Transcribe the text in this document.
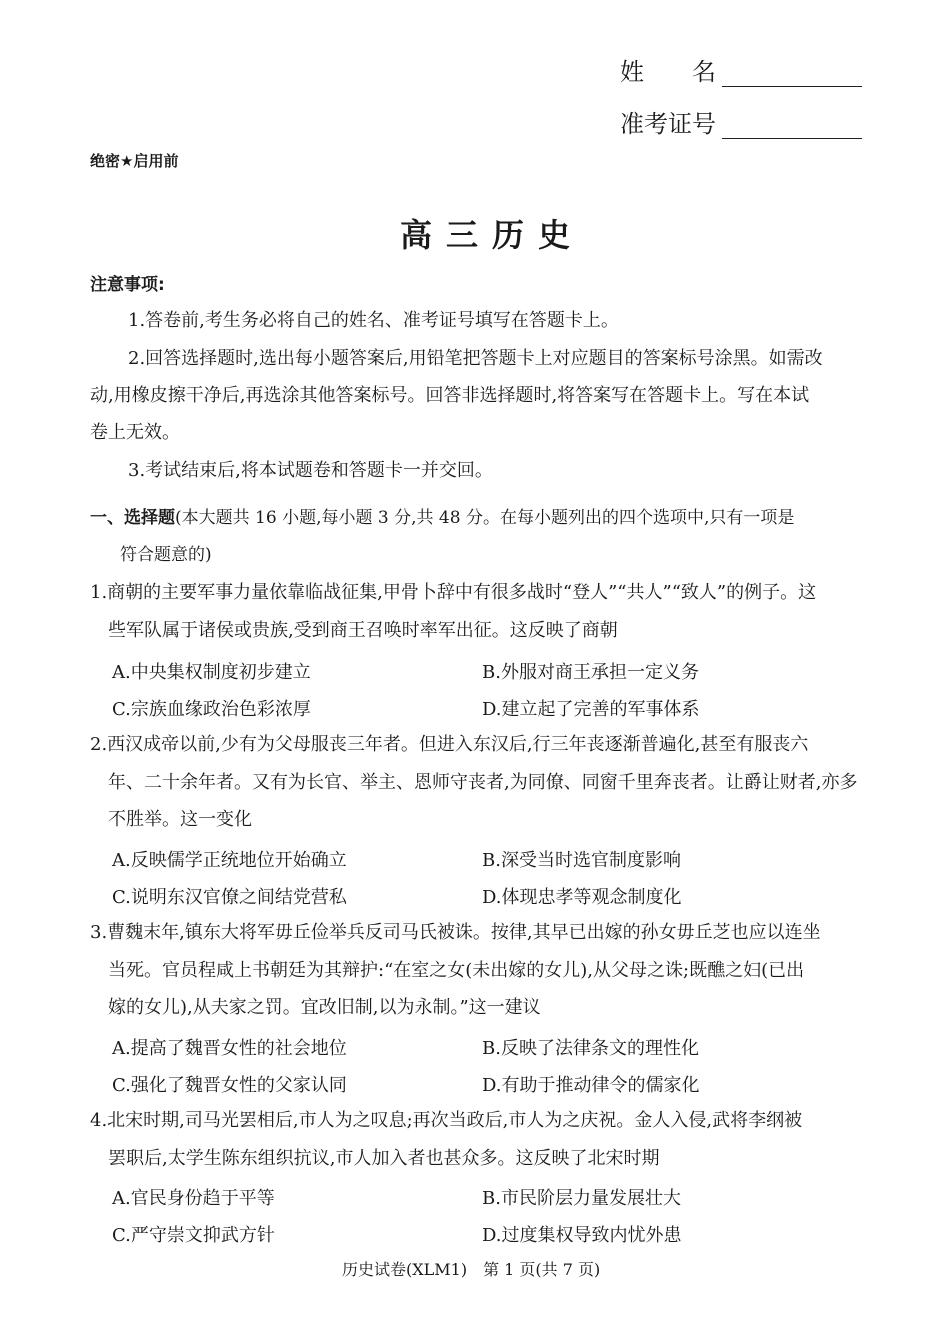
姓　　名
准考证号
绝密★启用前
高三历史
注意事项:
1.答卷前,考生务必将自己的姓名、准考证号填写在答题卡上。
2.回答选择题时,选出每小题答案后,用铅笔把答题卡上对应题目的答案标号涂黑。如需改
动,用橡皮擦干净后,再选涂其他答案标号。回答非选择题时,将答案写在答题卡上。写在本试
卷上无效。
3.考试结束后,将本试题卷和答题卡一并交回。
一、选择题(本大题共 16 小题,每小题 3 分,共 48 分。在每小题列出的四个选项中,只有一项是
符合题意的)
1.商朝的主要军事力量依靠临战征集,甲骨卜辞中有很多战时“登人”“共人”“致人”的例子。这
些军队属于诸侯或贵族,受到商王召唤时率军出征。这反映了商朝
A.中央集权制度初步建立	B.外服对商王承担一定义务
C.宗族血缘政治色彩浓厚	D.建立起了完善的军事体系
2.西汉成帝以前,少有为父母服丧三年者。但进入东汉后,行三年丧逐渐普遍化,甚至有服丧六
年、二十余年者。又有为长官、举主、恩师守丧者,为同僚、同窗千里奔丧者。让爵让财者,亦多
不胜举。这一变化
A.反映儒学正统地位开始确立	B.深受当时选官制度影响
C.说明东汉官僚之间结党营私	D.体现忠孝等观念制度化
3.曹魏末年,镇东大将军毋丘俭举兵反司马氏被诛。按律,其早已出嫁的孙女毋丘芝也应以连坐
当死。官员程咸上书朝廷为其辩护:“在室之女(未出嫁的女儿),从父母之诛;既醮之妇(已出
嫁的女儿),从夫家之罚。宜改旧制,以为永制。”这一建议
A.提高了魏晋女性的社会地位	B.反映了法律条文的理性化
C.强化了魏晋女性的父家认同	D.有助于推动律令的儒家化
4.北宋时期,司马光罢相后,市人为之叹息;再次当政后,市人为之庆祝。金人入侵,武将李纲被
罢职后,太学生陈东组织抗议,市人加入者也甚众多。这反映了北宋时期
A.官民身份趋于平等	B.市民阶层力量发展壮大
C.严守崇文抑武方针	D.过度集权导致内忧外患
历史试卷(XLM1)　第 1 页(共 7 页)
